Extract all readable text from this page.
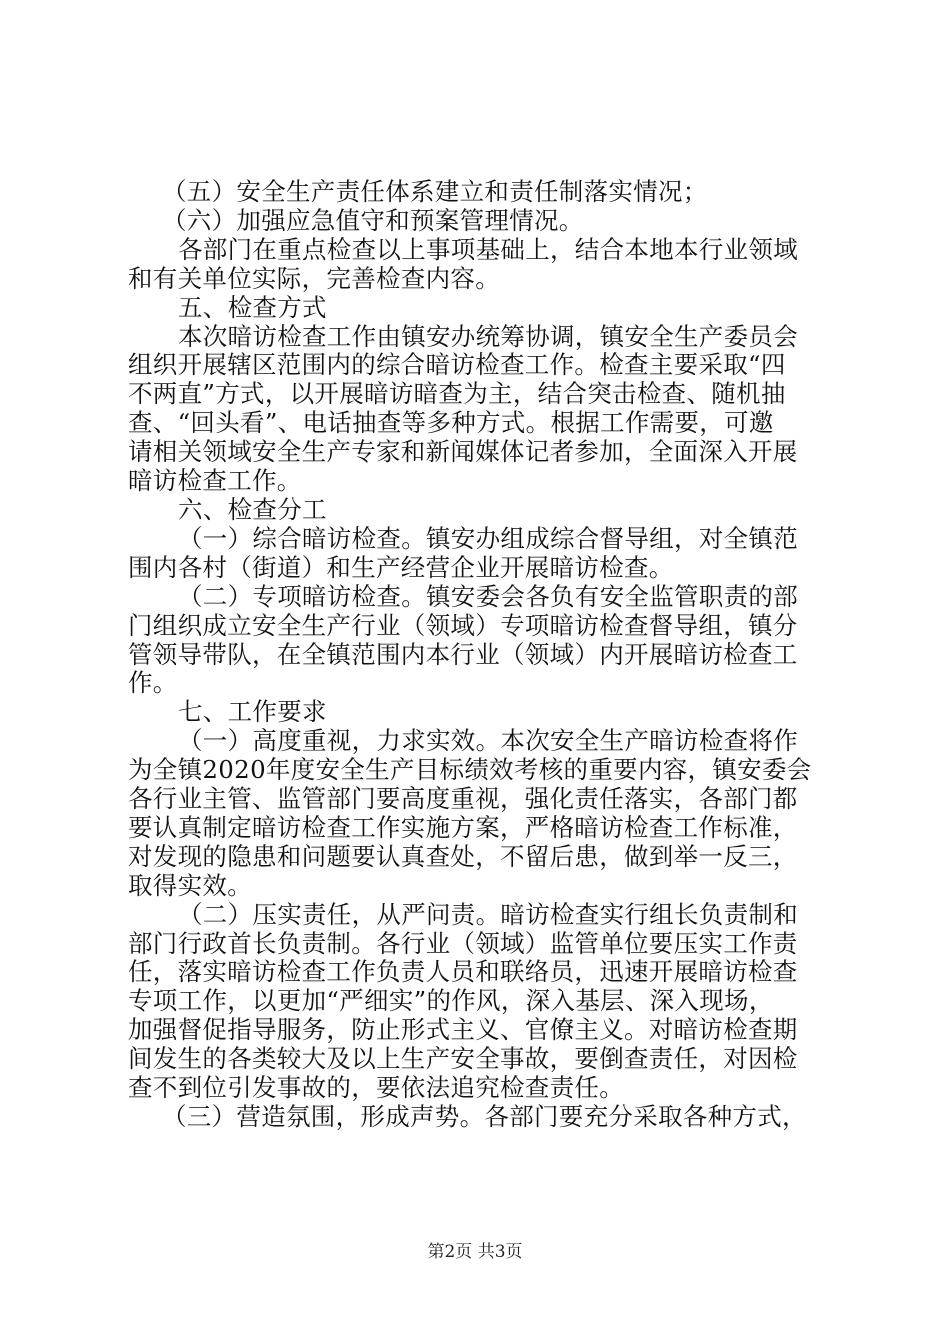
（五）安全生产责任体系建立和责任制落实情况；

（六）加强应急值守和预案管理情况。

各部门在重点检查以上事项基础上，结合本地本行业领域

和有关单位实际，完善检查内容。

五、检查方式

本次暗访检查工作由镇安办统筹协调，镇安全生产委员会

组织开展辖区范围内的综合暗访检查工作。检查主要采取“四

不两直”方式，以开展暗访暗查为主，结合突击检查、随机抽

查、“回头看”、电话抽查等多种方式。根据工作需要，可邀

请相关领域安全生产专家和新闻媒体记者参加，全面深入开展

暗访检查工作。

六、检查分工

（一）综合暗访检查。镇安办组成综合督导组，对全镇范

围内各村（街道）和生产经营企业开展暗访检查。

（二）专项暗访检查。镇安委会各负有安全监管职责的部

门组织成立安全生产行业（领域）专项暗访检查督导组，镇分

管领导带队，在全镇范围内本行业（领域）内开展暗访检查工

作。

七、工作要求

（一）高度重视，力求实效。本次安全生产暗访检查将作

为全镇2020年度安全生产目标绩效考核的重要内容，镇安委会

各行业主管、监管部门要高度重视，强化责任落实，各部门都

要认真制定暗访检查工作实施方案，严格暗访检查工作标准，

对发现的隐患和问题要认真查处，不留后患，做到举一反三，

取得实效。

（二）压实责任，从严问责。暗访检查实行组长负责制和

部门行政首长负责制。各行业（领域）监管单位要压实工作责

任，落实暗访检查工作负责人员和联络员，迅速开展暗访检查

专项工作，以更加“严细实”的作风，深入基层、深入现场，

加强督促指导服务，防止形式主义、官僚主义。对暗访检查期

间发生的各类较大及以上生产安全事故，要倒查责任，对因检

查不到位引发事故的，要依法追究检查责任。

（三）营造氛围，形成声势。各部门要充分采取各种方式，

第2页 共3页
